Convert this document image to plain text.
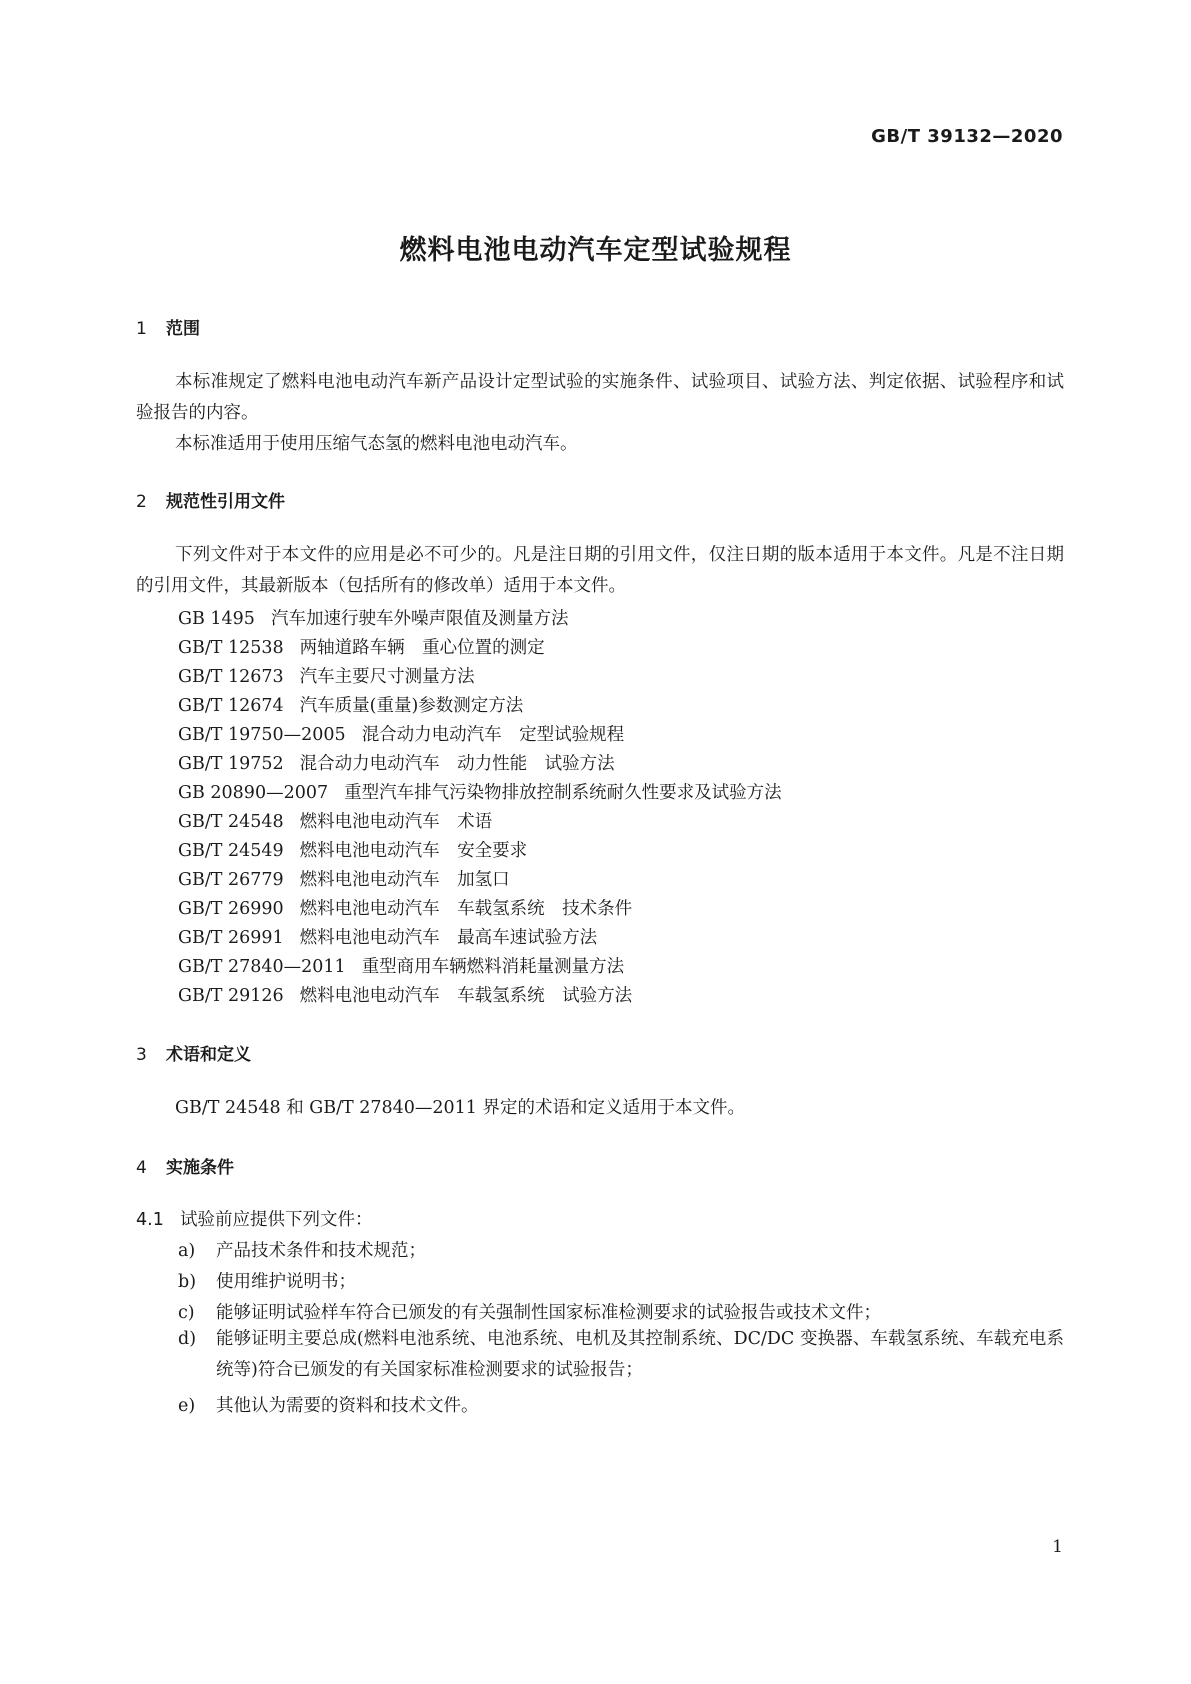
GB/T 39132—2020
燃料电池电动汽车定型试验规程
1 范围
本标准规定了燃料电池电动汽车新产品设计定型试验的实施条件、试验项目、试验方法、判定依据、试验程序和试验报告的内容。
本标准适用于使用压缩气态氢的燃料电池电动汽车。
2 规范性引用文件
下列文件对于本文件的应用是必不可少的。凡是注日期的引用文件，仅注日期的版本适用于本文件。凡是不注日期的引用文件，其最新版本（包括所有的修改单）适用于本文件。
GB 1495 汽车加速行驶车外噪声限值及测量方法
GB/T 12538 两轴道路车辆　重心位置的测定
GB/T 12673 汽车主要尺寸测量方法
GB/T 12674 汽车质量(重量)参数测定方法
GB/T 19750—2005 混合动力电动汽车　定型试验规程
GB/T 19752 混合动力电动汽车　动力性能　试验方法
GB 20890—2007 重型汽车排气污染物排放控制系统耐久性要求及试验方法
GB/T 24548 燃料电池电动汽车　术语
GB/T 24549 燃料电池电动汽车　安全要求
GB/T 26779 燃料电池电动汽车　加氢口
GB/T 26990 燃料电池电动汽车　车载氢系统　技术条件
GB/T 26991 燃料电池电动汽车　最高车速试验方法
GB/T 27840—2011 重型商用车辆燃料消耗量测量方法
GB/T 29126 燃料电池电动汽车　车载氢系统　试验方法
3 术语和定义
GB/T 24548 和 GB/T 27840—2011 界定的术语和定义适用于本文件。
4 实施条件
4.1 试验前应提供下列文件：
a) 产品技术条件和技术规范；
b) 使用维护说明书；
c) 能够证明试验样车符合已颁发的有关强制性国家标准检测要求的试验报告或技术文件；
d) 能够证明主要总成(燃料电池系统、电池系统、电机及其控制系统、DC/DC 变换器、车载氢系统、车载充电系统等)符合已颁发的有关国家标准检测要求的试验报告；
e) 其他认为需要的资料和技术文件。
1
